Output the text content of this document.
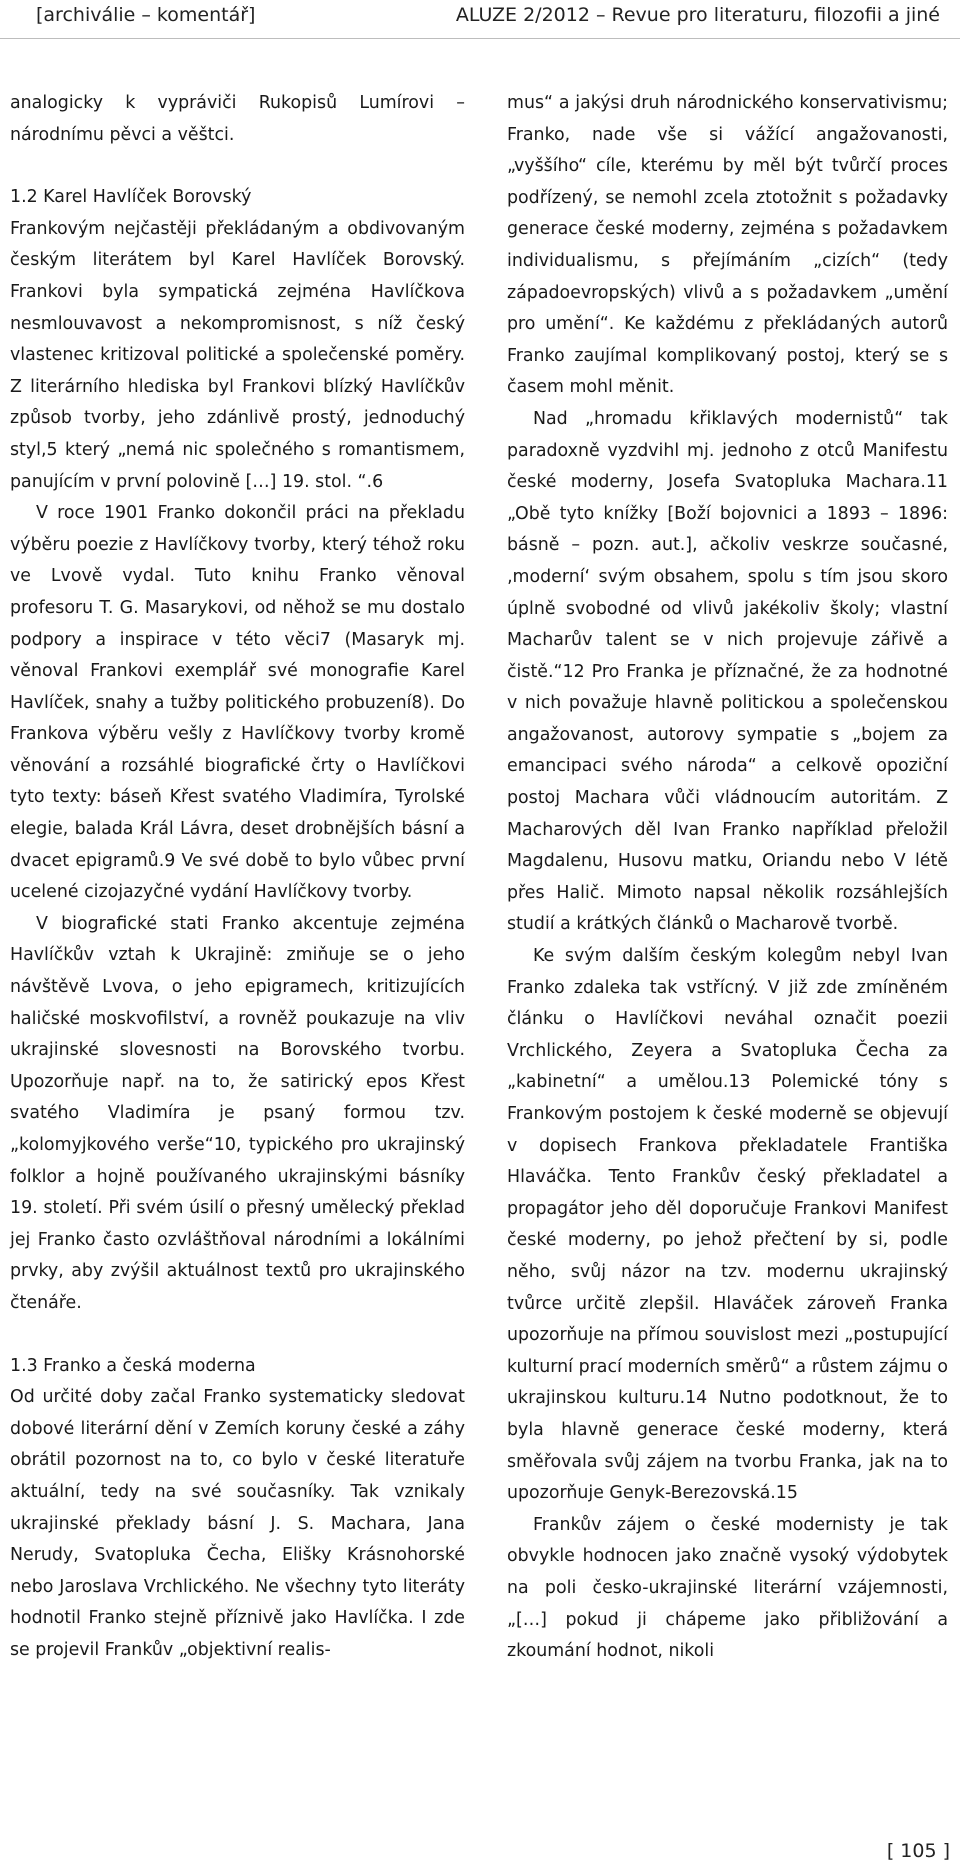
[archiválie – komentář]	ALUZE 2/2012 – Revue pro literaturu, filozofii a jiné

analogicky k vypráviči Rukopisů Lumírovi – národnímu pěvci a věštci.

1.2 Karel Havlíček Borovský

Frankovým nejčastěji překládaným a obdivovaným českým literátem byl Karel Havlíček Borovský. Frankovi byla sympatická zejména Havlíčkova nesmlouvavost a nekompromisnost, s níž český vlastenec kritizoval politické a společenské poměry. Z literárního hlediska byl Frankovi blízký Havlíčkův způsob tvorby, jeho zdánlivě prostý, jednoduchý styl,5 který „nemá nic společného s romantismem, panujícím v první polovině […] 19. stol. “.6

V roce 1901 Franko dokončil práci na překladu výběru poezie z Havlíčkovy tvorby, který téhož roku ve Lvově vydal. Tuto knihu Franko věnoval profesoru T. G. Masarykovi, od něhož se mu dostalo podpory a inspirace v této věci7 (Masaryk mj. věnoval Frankovi exemplář své monografie Karel Havlíček, snahy a tužby politického probuzení8). Do Frankova výběru vešly z Havlíčkovy tvorby kromě věnování a rozsáhlé biografické črty o Havlíčkovi tyto texty: báseň Křest svatého Vladimíra, Tyrolské elegie, balada Král Lávra, deset drobnějších básní a dvacet epigramů.9 Ve své době to bylo vůbec první ucelené cizojazyčné vydání Havlíčkovy tvorby.

V biografické stati Franko akcentuje zejména Havlíčkův vztah k Ukrajině: zmiňuje se o jeho návštěvě Lvova, o jeho epigramech, kritizujících haličské moskvofilství, a rovněž poukazuje na vliv ukrajinské slovesnosti na Borovského tvorbu. Upozorňuje např. na to, že satirický epos Křest svatého Vladimíra je psaný formou tzv. „kolomyjkového verše“10, typického pro ukrajinský folklor a hojně používaného ukrajinskými básníky 19. století. Při svém úsilí o přesný umělecký překlad jej Franko často ozvláštňoval národními a lokálními prvky, aby zvýšil aktuálnost textů pro ukrajinského čtenáře.

1.3 Franko a česká moderna

Od určité doby začal Franko systematicky sledovat dobové literární dění v Zemích koruny české a záhy obrátil pozornost na to, co bylo v české literatuře aktuální, tedy na své současníky. Tak vznikaly ukrajinské překlady básní J. S. Machara, Jana Nerudy, Svatopluka Čecha, Elišky Krásnohorské nebo Jaroslava Vrchlického. Ne všechny tyto literáty hodnotil Franko stejně příznivě jako Havlíčka. I zde se projevil Frankův „objektivní realis-

mus“ a jakýsi druh národnického konservativismu; Franko, nade vše si vážící angažovanosti, „vyššího“ cíle, kterému by měl být tvůrčí proces podřízený, se nemohl zcela ztotožnit s požadavky generace české moderny, zejména s požadavkem individualismu, s přejímáním „cizích“ (tedy západoevropských) vlivů a s požadavkem „umění pro umění“. Ke každému z překládaných autorů Franko zaujímal komplikovaný postoj, který se s časem mohl měnit.

Nad „hromadu křiklavých modernistů“ tak paradoxně vyzdvihl mj. jednoho z otců Manifestu české moderny, Josefa Svatopluka Machara.11 „Obě tyto knížky [Boží bojovnici a 1893 – 1896: básně – pozn. aut.], ačkoliv veskrze současné, ‚moderní‘ svým obsahem, spolu s tím jsou skoro úplně svobodné od vlivů jakékoliv školy; vlastní Macharův talent se v nich projevuje zářivě a čistě.“12 Pro Franka je příznačné, že za hodnotné v nich považuje hlavně politickou a společenskou angažovanost, autorovy sympatie s „bojem za emancipaci svého národa“ a celkově opoziční postoj Machara vůči vládnoucím autoritám. Z Macharových děl Ivan Franko například přeložil Magdalenu, Husovu matku, Oriandu nebo V létě přes Halič. Mimoto napsal několik rozsáhlejších studií a krátkých článků o Macharově tvorbě.

Ke svým dalším českým kolegům nebyl Ivan Franko zdaleka tak vstřícný. V již zde zmíněném článku o Havlíčkovi neváhal označit poezii Vrchlického, Zeyera a Svatopluka Čecha za „kabinetní“ a umělou.13 Polemické tóny s Frankovým postojem k české moderně se objevují v dopisech Frankova překladatele Františka Hlaváčka. Tento Frankův český překladatel a propagátor jeho děl doporučuje Frankovi Manifest české moderny, po jehož přečtení by si, podle něho, svůj názor na tzv. modernu ukrajinský tvůrce určitě zlepšil. Hlaváček zároveň Franka upozorňuje na přímou souvislost mezi „postupující kulturní prací moderních směrů“ a růstem zájmu o ukrajinskou kulturu.14 Nutno podotknout, že to byla hlavně generace české moderny, která směřovala svůj zájem na tvorbu Franka, jak na to upozorňuje Genyk-Berezovská.15

Frankův zájem o české modernisty je tak obvykle hodnocen jako značně vysoký výdobytek na poli česko-ukrajinské literární vzájemnosti, „[…] pokud ji chápeme jako přibližování a zkoumání hodnot, nikoli

[ 105 ]
